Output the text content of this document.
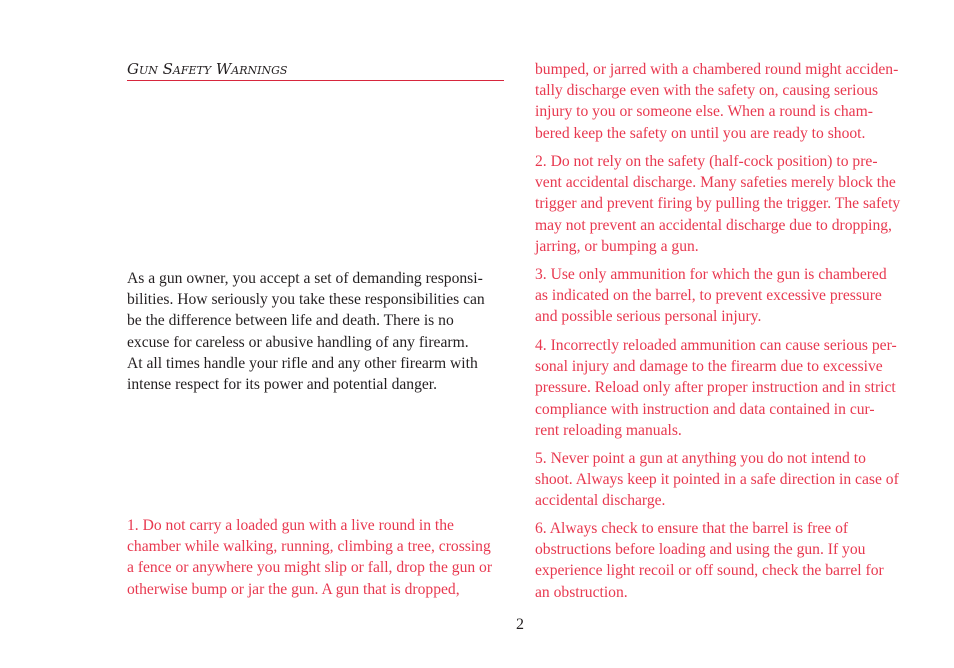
Gun Safety Warnings

As a gun owner, you accept a set of demanding responsi-
bilities. How seriously you take these responsibilities can
be the difference between life and death. There is no
excuse for careless or abusive handling of any firearm.
At all times handle your rifle and any other firearm with
intense respect for its power and potential danger.

1. Do not carry a loaded gun with a live round in the
chamber while walking, running, climbing a tree, crossing
a fence or anywhere you might slip or fall, drop the gun or
otherwise bump or jar the gun. A gun that is dropped,

bumped, or jarred with a chambered round might acciden-
tally discharge even with the safety on, causing serious
injury to you or someone else. When a round is cham-
bered keep the safety on until you are ready to shoot.

2. Do not rely on the safety (half-cock position) to pre-
vent accidental discharge. Many safeties merely block the
trigger and prevent firing by pulling the trigger. The safety
may not prevent an accidental discharge due to dropping,
jarring, or bumping a gun.

3. Use only ammunition for which the gun is chambered
as indicated on the barrel, to prevent excessive pressure
and possible serious personal injury.

4. Incorrectly reloaded ammunition can cause serious per-
sonal injury and damage to the firearm due to excessive
pressure. Reload only after proper instruction and in strict
compliance with instruction and data contained in cur-
rent reloading manuals.

5. Never point a gun at anything you do not intend to
shoot. Always keep it pointed in a safe direction in case of
accidental discharge.

6. Always check to ensure that the barrel is free of
obstructions before loading and using the gun. If you
experience light recoil or off sound, check the barrel for
an obstruction.

2
